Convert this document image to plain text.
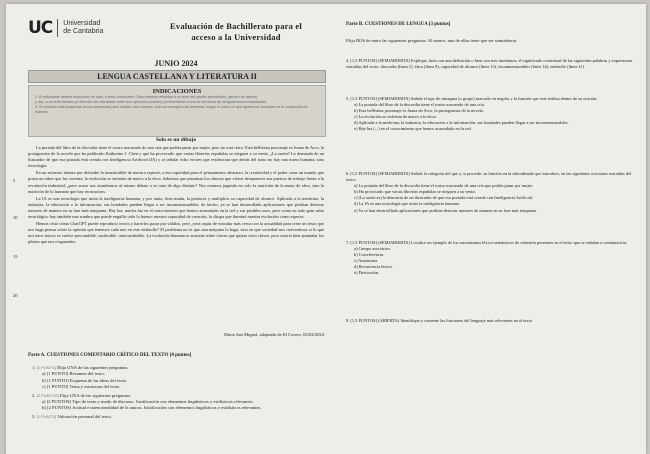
UC Universidad
de Cantabria
Evaluación de Bachillerato para el
acceso a la Universidad
JUNIO 2024
LENGUA CASTELLANA Y LITERATURA II
INDICACIONES
1. El estudiante deberá responder, en total, a siete cuestiones. Cinco estarán referidas a un texto del ámbito periodístico, género de opinión,
y dos, a un texto literario (a elección del estudiante entre dos opciones posibles) perteneciente a una de las obras de obligada lectura estudiadas.
2. Si contesta más preguntas de las necesarias para realizar este examen, sólo se corregirán las primeras, según el orden en que aparezcan resueltas en el cuadernillo de examen.
Solo es un dibujo

La portada del libro de la discordia tiene el rostro macarado de una cría que podría pasar por mujer, pero no está claro. Esta bellísima personaje es Juana de Arco, la protagonista de la novela que ha publicado Katherine J. Chen y que ha provocado que varias librerías españolas se nieguen a su venta. ¿La razón? La demanda de un ilustrador de que esa portada está creada con Inteligencia Artificial (IA) y al señalar echo errores que evidencian que detrás del trazo no hay una mano humana, sino tecnología.

En un esfuerzo intento por defender lo insustituible de nuestra especie, a esa capacidad para el pensamiento abstracto, la creatividad y el poder crear un mundo que posea un ethos que las caverna, la evolución se enfrenta de nuevo a la ética. Sabemos que pensabas los obreros que vieron desaparecer sus puestos de trabajo frente a la revolución industrial, ¿pero acaso nos asombraros al mismo debate o se trata de algo distinto? Nos estamos jugando no solo la nutrición de la mano de obra, sino la nutrición de lo humano que hay en nosotros.

La IA es una tecnología que imita la inteligencia humana, y por tanto, bien usada, la potencia y multiplica su capacidad de alcance. Aplicada a la medicina, la industria, la educación o la información, sus bondades pueden llegar a ser inconmensurables; de hecho, ya se han desarrollado aplicaciones que podrían detectar tumores de manera en su fase más temprana. Hay luz, mucha luz en el conocimiento que hemos acumulado en la red y sus posibles usos, pero como en todo gran salto tecnológico hay también una sombra que puede engullir todo lo bueno: nuestra capacidad de creación, la chispa que iluminó nuestra evolución como especie.

Hemos visto cómo ChatGPT puede reproducir textos y hacerlos pasar por válidos, pero ¿será capaz de vincular más cerca con la actualidad para crear un texto que nos haga pensar sobre la opinión que tenemos cada uno en este embrollo? El problema no es que una máquina lo haga, sino en que sociedad nos convertimos si lo que nos hace únicos se vuelve prescindible, sustituible, intercambiable. La evolución humana se sostiene sobre claves que quizás otros claves, pero estaría bien apuntalar los pilares que nos resguardan.

5
10
15
20
Marta San Miguel, adaptado de El Correo, 05/02/2024
Parte A. CUESTIONES COMENTARIO CRÍTICO DEL TEXTO [4 puntos]
1. [1 PUNTO] Elija UNA de las siguientes preguntas:
a) [1 PUNTO] Resumen del texto.
b) [1 PUNTO] Esquema de las ideas del texto.
c) [1 PUNTO] Tema y estructura del texto.
2. [2 PUNTOS] Elija UNA de las siguientes preguntas:
a) [2 PUNTOS] Tipo de texto y modo de discurso. Justificación con elementos lingüísticos y estilísticos relevantes.
b) [2 PUNTOS] Actitud e intencionalidad de la autora. Justificación con elementos lingüísticos y estilísticos relevantes.
3. [1 PUNTO] Valoración personal del texto.
Parte B. CUESTIONES DE LENGUA [3 puntos]
Elija DOS de entre las siguientes preguntas. Al menos, una de ellas tiene que ser semiabierta.
4. [1,5 PUNTOS] (SEMIABIERTA) Explique, bien con una definición o bien con tres sinónimos, el significado contextual de las siguientes palabras y expresiones extraídas del texto: discordia (línea 1), ética (línea 8), capacidad de alcance (línea 13), inconmensurables (línea 14), embrollo (línea 21).
5. [1,5 PUNTOS] (SEMIABIERTA) Señale el tipo de sintagma (o grupo) marcado en negrita y la función que este realiza dentro de su oración:
a) La portada del libro de la discordia tiene el rostro macarado de una cría.
b) Esta bellísima personaje es Juana de Arco, la protagonista de la novela.
c) La evolución se enfrenta de nuevo a la ética.
d) Aplicada a la medicina, la industria, la educación o la información, sus bondades pueden llegar a ser inconmensurables.
e) Hay luz (...) en el conocimiento que hemos acumulado en la red.
6. [1,5 PUNTOS] (SEMIABIERTA) Señale la categoría del que y, si procede, su función en la subordinada que introduce, en las siguientes oraciones extraídas del texto:
a) La portada del libro de la discordia tiene el rostro macarado de una cría que podría pasar por mujer.
b) Ha provocado que varias librerías españolas se nieguen a su venta.
c) (La razón es) la denuncia de un ilustrador de que esa portada está creada con Inteligencia Artificial.
d) La IA es una tecnología que imita la inteligencia humana.
e) Ya se han desarrollado aplicaciones que podrían detectar tumores de manera en su fase más temprana.
7. [1,5 PUNTOS] (SEMIABIERTA) Localice un ejemplo de los mecanismos léxico-semánticos de cohesión presentes en el texto que se señalan a continuación:
a) Campo asociativo.
b) Correferencia.
c) Antonimia.
d) Recurrencia léxica.
e) Derivación.
8. [1,5 PUNTOS] (ABIERTA) Identifique y comente las funciones del lenguaje más relevantes en el texto.
